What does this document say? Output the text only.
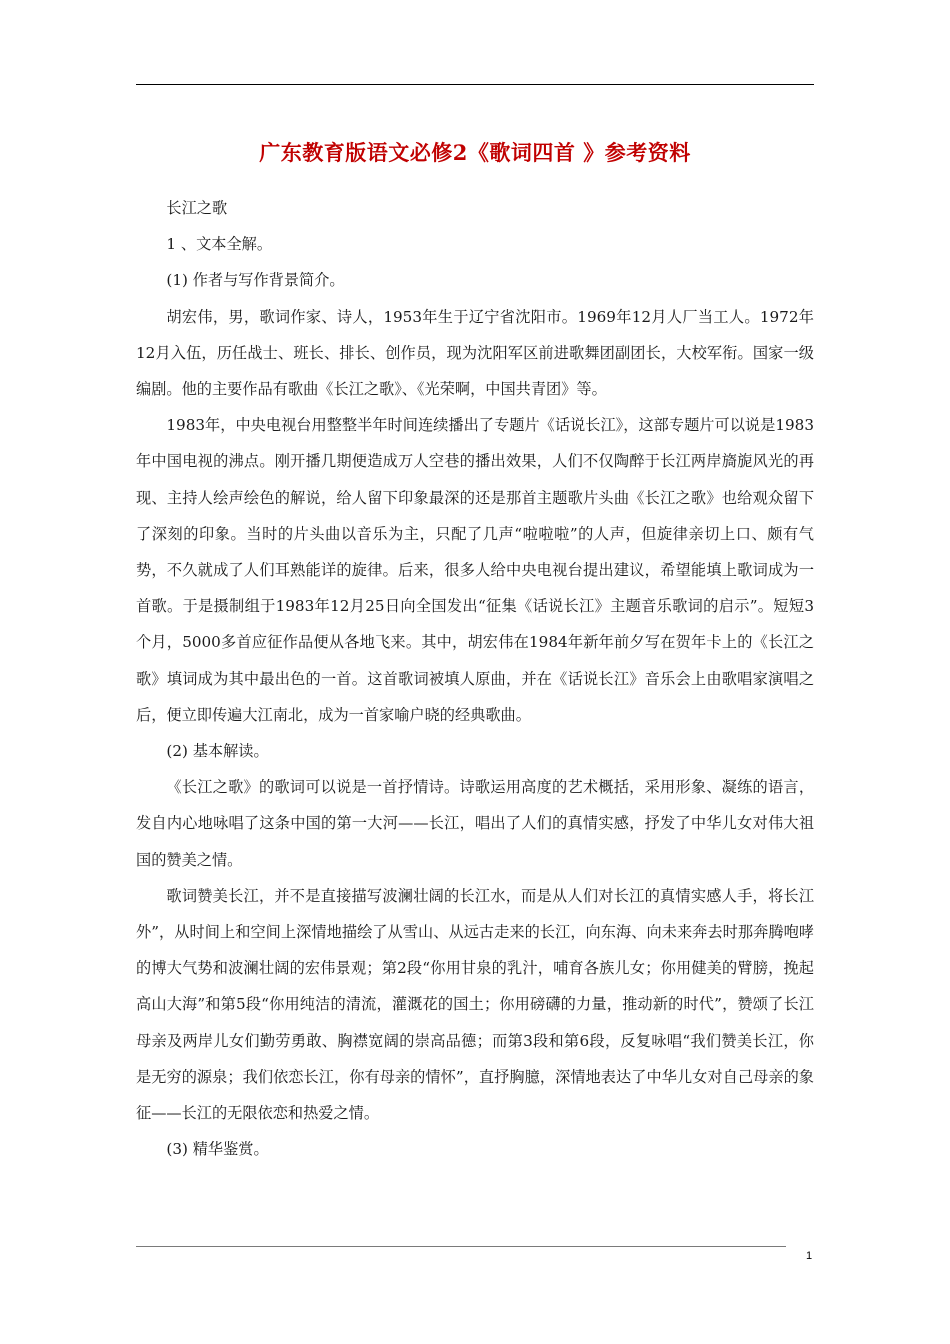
广东教育版语文必修2《歌词四首 》参考资料

长江之歌

1 、文本全解。

(1) 作者与写作背景简介。

胡宏伟，男，歌词作家、诗人，1953年生于辽宁省沈阳市。1969年12月人厂当工人。1972年12月入伍，历任战士、班长、排长、创作员，现为沈阳军区前进歌舞团副团长，大校军衔。国家一级编剧。他的主要作品有歌曲《长江之歌》、《光荣啊，中国共青团》等。

1983年，中央电视台用整整半年时间连续播出了专题片《话说长江》，这部专题片可以说是1983年中国电视的沸点。刚开播几期便造成万人空巷的播出效果，人们不仅陶醉于长江两岸旖旎风光的再现、主持人绘声绘色的解说，给人留下印象最深的还是那首主题歌片头曲《长江之歌》也给观众留下了深刻的印象。当时的片头曲以音乐为主，只配了几声“啦啦啦”的人声，但旋律亲切上口、颇有气势，不久就成了人们耳熟能详的旋律。后来，很多人给中央电视台提出建议，希望能填上歌词成为一首歌。于是摄制组于1983年12月25日向全国发出“征集《话说长江》主题音乐歌词的启示”。短短3个月，5000多首应征作品便从各地飞来。其中，胡宏伟在1984年新年前夕写在贺年卡上的《长江之歌》填词成为其中最出色的一首。这首歌词被填人原曲，并在《话说长江》音乐会上由歌唱家演唱之后，便立即传遍大江南北，成为一首家喻户晓的经典歌曲。

(2) 基本解读。

《长江之歌》的歌词可以说是一首抒情诗。诗歌运用高度的艺术概括，采用形象、凝练的语言，发自内心地咏唱了这条中国的第一大河——长江，唱出了人们的真情实感，抒发了中华儿女对伟大祖国的赞美之情。

歌词赞美长江，并不是直接描写波澜壮阔的长江水，而是从人们对长江的真情实感人手，将长江外”，从时间上和空间上深情地描绘了从雪山、从远古走来的长江，向东海、向未来奔去时那奔腾咆哮的博大气势和波澜壮阔的宏伟景观；第2段“你用甘泉的乳汁，哺育各族儿女；你用健美的臂膀，挽起高山大海”和第5段“你用纯洁的清流，灌溉花的国土；你用磅礴的力量，推动新的时代”，赞颂了长江母亲及两岸儿女们勤劳勇敢、胸襟宽阔的崇高品德；而第3段和第6段，反复咏唱“我们赞美长江，你是无穷的源泉；我们依恋长江，你有母亲的情怀”，直抒胸臆，深情地表达了中华儿女对自己母亲的象征——长江的无限依恋和热爱之情。

(3) 精华鉴赏。

1
